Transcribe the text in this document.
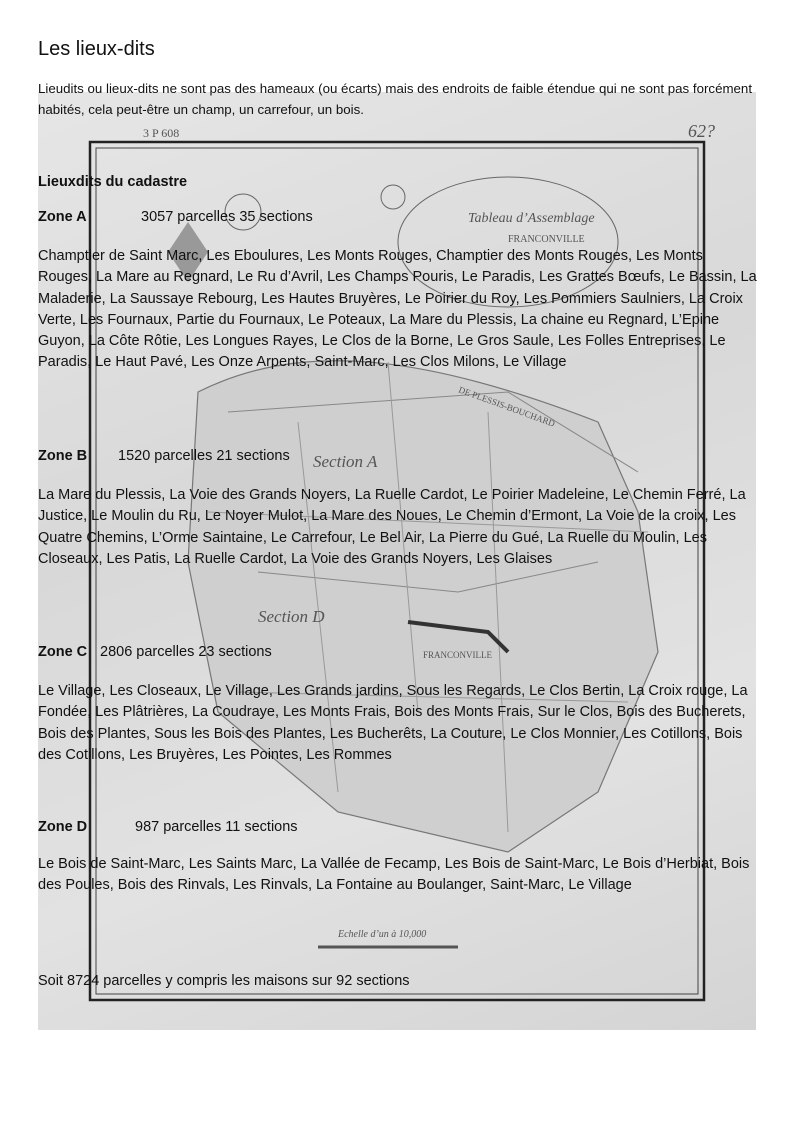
Tableau d’Assemblage
FRANCONVILLE
Section A
Section D
FRANCONVILLE
DE PLESSIS-BOUCHARD
Echelle d’un à 10,000
3 P 608	62?
Les lieux-dits

Lieudits ou lieux-dits ne sont pas des hameaux (ou écarts) mais des endroits de faible étendue qui ne sont pas forcément habités, cela peut-être un champ, un carrefour, un bois.

Lieuxdits du cadastre

Zone A	3057 parcelles 35 sections

Champtier de Saint Marc, Les Eboulures, Les Monts Rouges, Champtier des Monts Rouges, Les Monts Rouges, La Mare au Regnard, Le Ru d’Avril, Les Champs Pouris, Le Paradis, Les Grattes Bœufs, Le Bassin, La Maladerie, La Saussaye Rebourg, Les Hautes Bruyères, Le Poirier du Roy, Les Pommiers Saulniers, La Croix Verte, Les Fournaux, Partie du Fournaux, Le Poteaux, La Mare du Plessis, La chaine eu Regnard, L’Epine Guyon, La Côte Rôtie, Les Longues Rayes, Le Clos de la Borne, Le Gros Saule, Les Folles Entreprises, Le Paradis, Le Haut Pavé, Les Onze Arpents, Saint-Marc, Les Clos Milons, Le Village

Zone B 1520 parcelles 21 sections

La Mare du Plessis, La Voie des Grands Noyers, La Ruelle Cardot, Le Poirier Madeleine, Le Chemin Ferré, La Justice, Le Moulin du Ru, Le Noyer Mulot, La Mare des Noues, Le Chemin d’Ermont, La Voie de la croix, Les Quatre Chemins, L’Orme Saintaine, Le Carrefour, Le Bel Air, La Pierre du Gué, La Ruelle du Moulin, Les Closeaux, Les Patis, La Ruelle Cardot, La Voie des Grands Noyers, Les Glaises

Zone C 2806 parcelles 23 sections

Le Village, Les Closeaux, Le Village, Les Grands jardins, Sous les Regards, Le Clos Bertin, La Croix rouge, La Fondée, Les Plâtrières, La Coudraye, Les Monts Frais, Bois des Monts Frais, Sur le Clos, Bois des Bucherets, Bois des Plantes, Sous les Bois des Plantes, Les Bucherêts, La Couture, Le Clos Monnier, Les Cotillons, Bois des Cotillons, Les Bruyères, Les Pointes, Les Rommes

Zone D	987 parcelles 11 sections

Le Bois de Saint-Marc, Les Saints Marc, La Vallée de Fecamp, Les Bois de Saint-Marc, Le Bois d’Herbiat, Bois des Poules, Bois des Rinvals, Les Rinvals, La Fontaine au Boulanger, Saint-Marc, Le Village

Soit 8724 parcelles y compris les maisons sur 92 sections
